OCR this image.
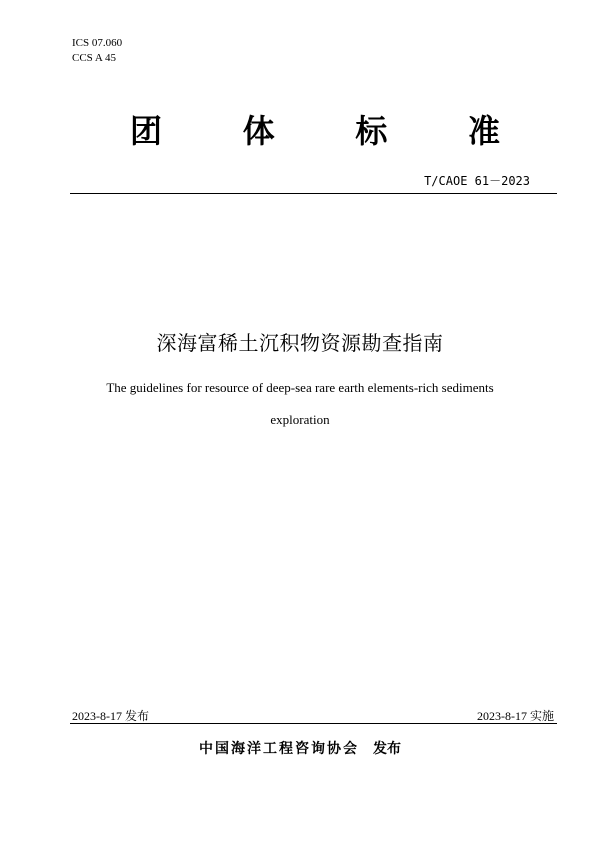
ICS 07.060
CCS A 45
团	体	标	准
T/CAOE 61－2023
深海富稀土沉积物资源勘查指南
The guidelines for resource of deep-sea rare earth elements-rich sediments
exploration
2023-8-17 发布	2023-8-17 实施
中国海洋工程咨询协会 发布
